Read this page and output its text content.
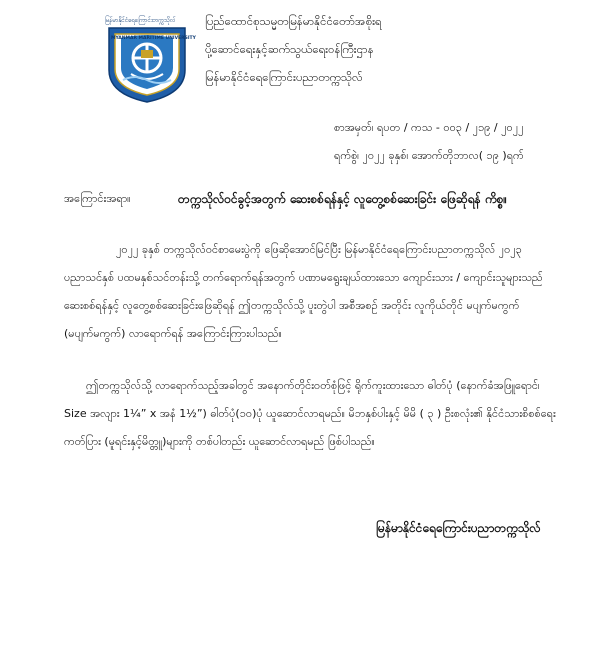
မြန်မာနိုင်ငံရေကြောင်းတက္ကသိုလ်
MYANMAR MARITIME UNIVERSITY
ပြည်ထောင်စုသမ္မတမြန်မာနိုင်ငံတော်အစိုးရ
ပို့ဆောင်ရေးနှင့်ဆက်သွယ်ရေးဝန်ကြီးဌာန
မြန်မာနိုင်ငံရေကြောင်းပညာတက္ကသိုလ်
စာအမှတ်၊ ရပတ / ကသ - ၀၀၃ / ၂၁၉ / ၂၀၂၂
ရက်စွဲ၊ ၂၀၂၂ ခုနှစ်၊ အောက်တိုဘာလ( ၁၉ )ရက်
အကြောင်းအရာ။	တက္ကသိုလ်ဝင်ခွင့်အတွက် ဆေးစစ်ရန်နှင့် လူတွေ့စစ်ဆေးခြင်း ဖြေဆိုရန် ကိစ္စ။
၂၀၂၂ ခုနှစ် တက္ကသိုလ်ဝင်စာမေးပွဲကို ဖြေဆိုအောင်မြင်ပြီး မြန်မာနိုင်ငံရေကြောင်းပညာတက္ကသိုလ် ၂၀၂၃ ပညာသင်နှစ် ပထမနှစ်သင်တန်းသို့ တက်ရောက်ရန်အတွက် ပဏာမရွေးချယ်ထားသော ကျောင်းသား / ကျောင်းသူများသည် ဆေးစစ်ရန်နှင့် လူတွေ့စစ်ဆေးခြင်းဖြေဆိုရန် ဤတက္ကသိုလ်သို့ ပူးတွဲပါ အစီအစဉ် အတိုင်း လူကိုယ်တိုင် မပျက်မကွက် (မပျက်မကွက်) လာရောက်ရန် အကြောင်းကြားပါသည်။
ဤတက္ကသိုလ်သို့ လာရောက်သည့်အခါတွင် အနောက်တိုင်းဝတ်စုံဖြင့် ရိုက်ကူးထားသော ဓါတ်ပုံ (နောက်ခံအဖြူရောင်၊ Size အလျား 1¼” x အနံ 1½”) ဓါတ်ပုံ(၁၀)ပုံ ယူဆောင်လာရမည်။ မိဘနှစ်ပါးနှင့် မိမိ ( ၃ ) ဦးစလုံး၏ နိုင်ငံသားစိစစ်ရေးကတ်ပြား (မူရင်းနှင့်မိတ္တူ)များကို တစ်ပါတည်း ယူဆောင်လာရမည် ဖြစ်ပါသည်။
မြန်မာနိုင်ငံရေကြောင်းပညာတက္ကသိုလ်
